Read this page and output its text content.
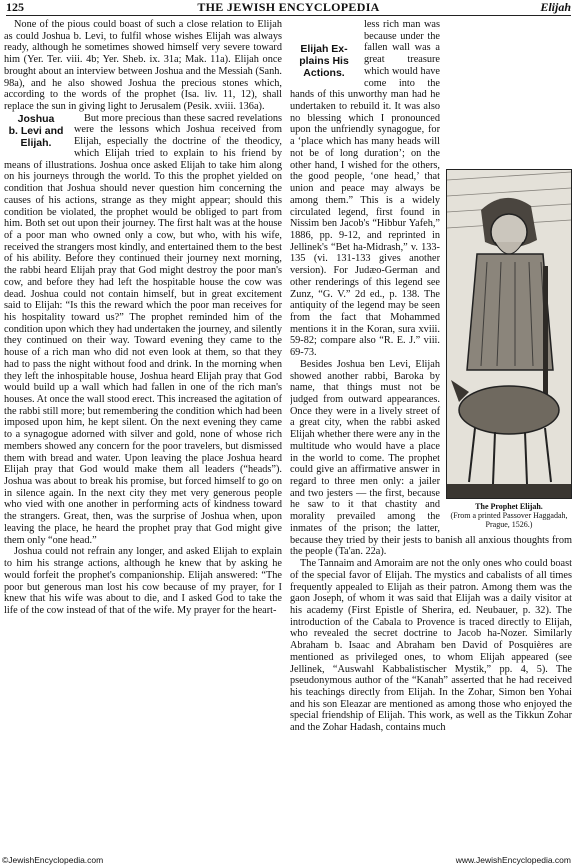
125	THE JEWISH ENCYCLOPEDIA	Elijah

None of the pious could boast of such a close relation to Elijah as could Joshua b. Levi, to fulfil whose wishes Elijah was always ready, although he sometimes showed himself very severe toward him (Yer. Ter. viii. 4b; Yer. Sheb. ix. 31a; Mak. 11a). Elijah once brought about an interview between Joshua and the Messiah (Sanh. 98a), and he also showed Joshua the precious stones which, according to the words of the prophet (Isa. liv. 11, 12), shall replace the sun in giving light to Jerusalem (Pesik. xviii. 136a).

Joshua
b. Levi and
Elijah.

But more precious than these sacred revelations were the lessons which Joshua received from Elijah, especially the doctrine of the theodicy, which Elijah tried to explain to his friend by means of illustrations. Joshua once asked Elijah to take him along on his journeys through the world. To this the prophet yielded on condition that Joshua should never question him concerning the causes of his actions, strange as they might appear; should this condition be violated, the prophet would be obliged to part from him. Both set out upon their journey. The first halt was at the house of a poor man who owned only a cow, but who, with his wife, received the strangers most kindly, and entertained them to the best of his ability. Before they continued their journey next morning, the rabbi heard Elijah pray that God might destroy the poor man's cow, and before they had left the hospitable house the cow was dead. Joshua could not contain himself, but in great excitement said to Elijah: “Is this the reward which the poor man receives for his hospitality toward us?” The prophet reminded him of the condition upon which they had undertaken the journey, and silently they continued on their way. Toward evening they came to the house of a rich man who did not even look at them, so that they had to pass the night without food and drink. In the morning when they left the inhospitable house, Joshua heard Elijah pray that God would build up a wall which had fallen in one of the rich man's houses. At once the wall stood erect. This increased the agitation of the rabbi still more; but remembering the condition which had been imposed upon him, he kept silent. On the next evening they came to a synagogue adorned with silver and gold, none of whose rich members showed any concern for the poor travelers, but dismissed them with bread and water. Upon leaving the place Joshua heard Elijah pray that God would make them all leaders (“heads”). Joshua was about to break his promise, but forced himself to go on in silence again. In the next city they met very generous people who vied with one another in performing acts of kindness toward the strangers. Great, then, was the surprise of Joshua when, upon leaving the place, he heard the prophet pray that God might give them only “one head.”

Joshua could not refrain any longer, and asked Elijah to explain to him his strange actions, although he knew that by asking he would forfeit the prophet's companionship. Elijah answered: “The poor but generous man lost his cow because of my prayer, for I knew that his wife was about to die, and I asked God to take the life of the cow instead of that of the wife. My prayer for the heart-

Elijah Ex-
plains His
Actions.
The Prophet Elijah.
(From a printed Passover Haggadah, Prague, 1526.)

less rich man was because under the fallen wall was a great treasure which would have come into the hands of this unworthy man had he undertaken to rebuild it. It was also no blessing which I pronounced upon the unfriendly synagogue, for a ‘place which has many heads will not be of long duration’; on the other hand, I wished for the others, the good people, ‘one head,’ that union and peace may always be among them.” This is a widely circulated legend, first found in Nissim ben Jacob's “Hibbur Yafeh,” 1886, pp. 9-12, and reprinted in Jellinek's “Bet ha-Midrash,” v. 133-135 (vi. 131-133 gives another version). For Judæo-German and other renderings of this legend see Zunz, “G. V.” 2d ed., p. 138. The antiquity of the legend may be seen from the fact that Mohammed mentions it in the Koran, sura xviii. 59-82; compare also “R. E. J.” viii. 69-73.

Besides Joshua ben Levi, Elijah showed another rabbi, Baroka by name, that things must not be judged from outward appearances. Once they were in a lively street of a great city, when the rabbi asked Elijah whether there were any in the multitude who would have a place in the world to come. The prophet could give an affirmative answer in regard to three men only: a jailer and two jesters — the first, because he saw to it that chastity and morality prevailed among the inmates of the prison; the latter, because they tried by their jests to banish all anxious thoughts from the people (Ta'an. 22a).

The Tannaim and Amoraim are not the only ones who could boast of the special favor of Elijah. The mystics and cabalists of all times frequently appealed to Elijah as their patron. Among them was the gaon Joseph, of whom it was said that Elijah was a daily visitor at his academy (First Epistle of Sherira, ed. Neubauer, p. 32). The introduction of the Cabala to Provence is traced directly to Elijah, who revealed the secret doctrine to Jacob ha-Nozer. Similarly Abraham b. Isaac and Abraham ben David of Posquières are mentioned as privileged ones, to whom Elijah appeared (see Jellinek, “Auswahl Kabbalistischer Mystik,” pp. 4, 5). The pseudonymous author of the “Kanah” asserted that he had received his teachings directly from Elijah. In the Zohar, Simon ben Yohai and his son Eleazar are mentioned as among those who enjoyed the special friendship of Elijah. This work, as well as the Tikkun Zohar and the Zohar Hadash, contains much

©JewishEncyclopedia.com	www.JewishEncyclopedia.com
